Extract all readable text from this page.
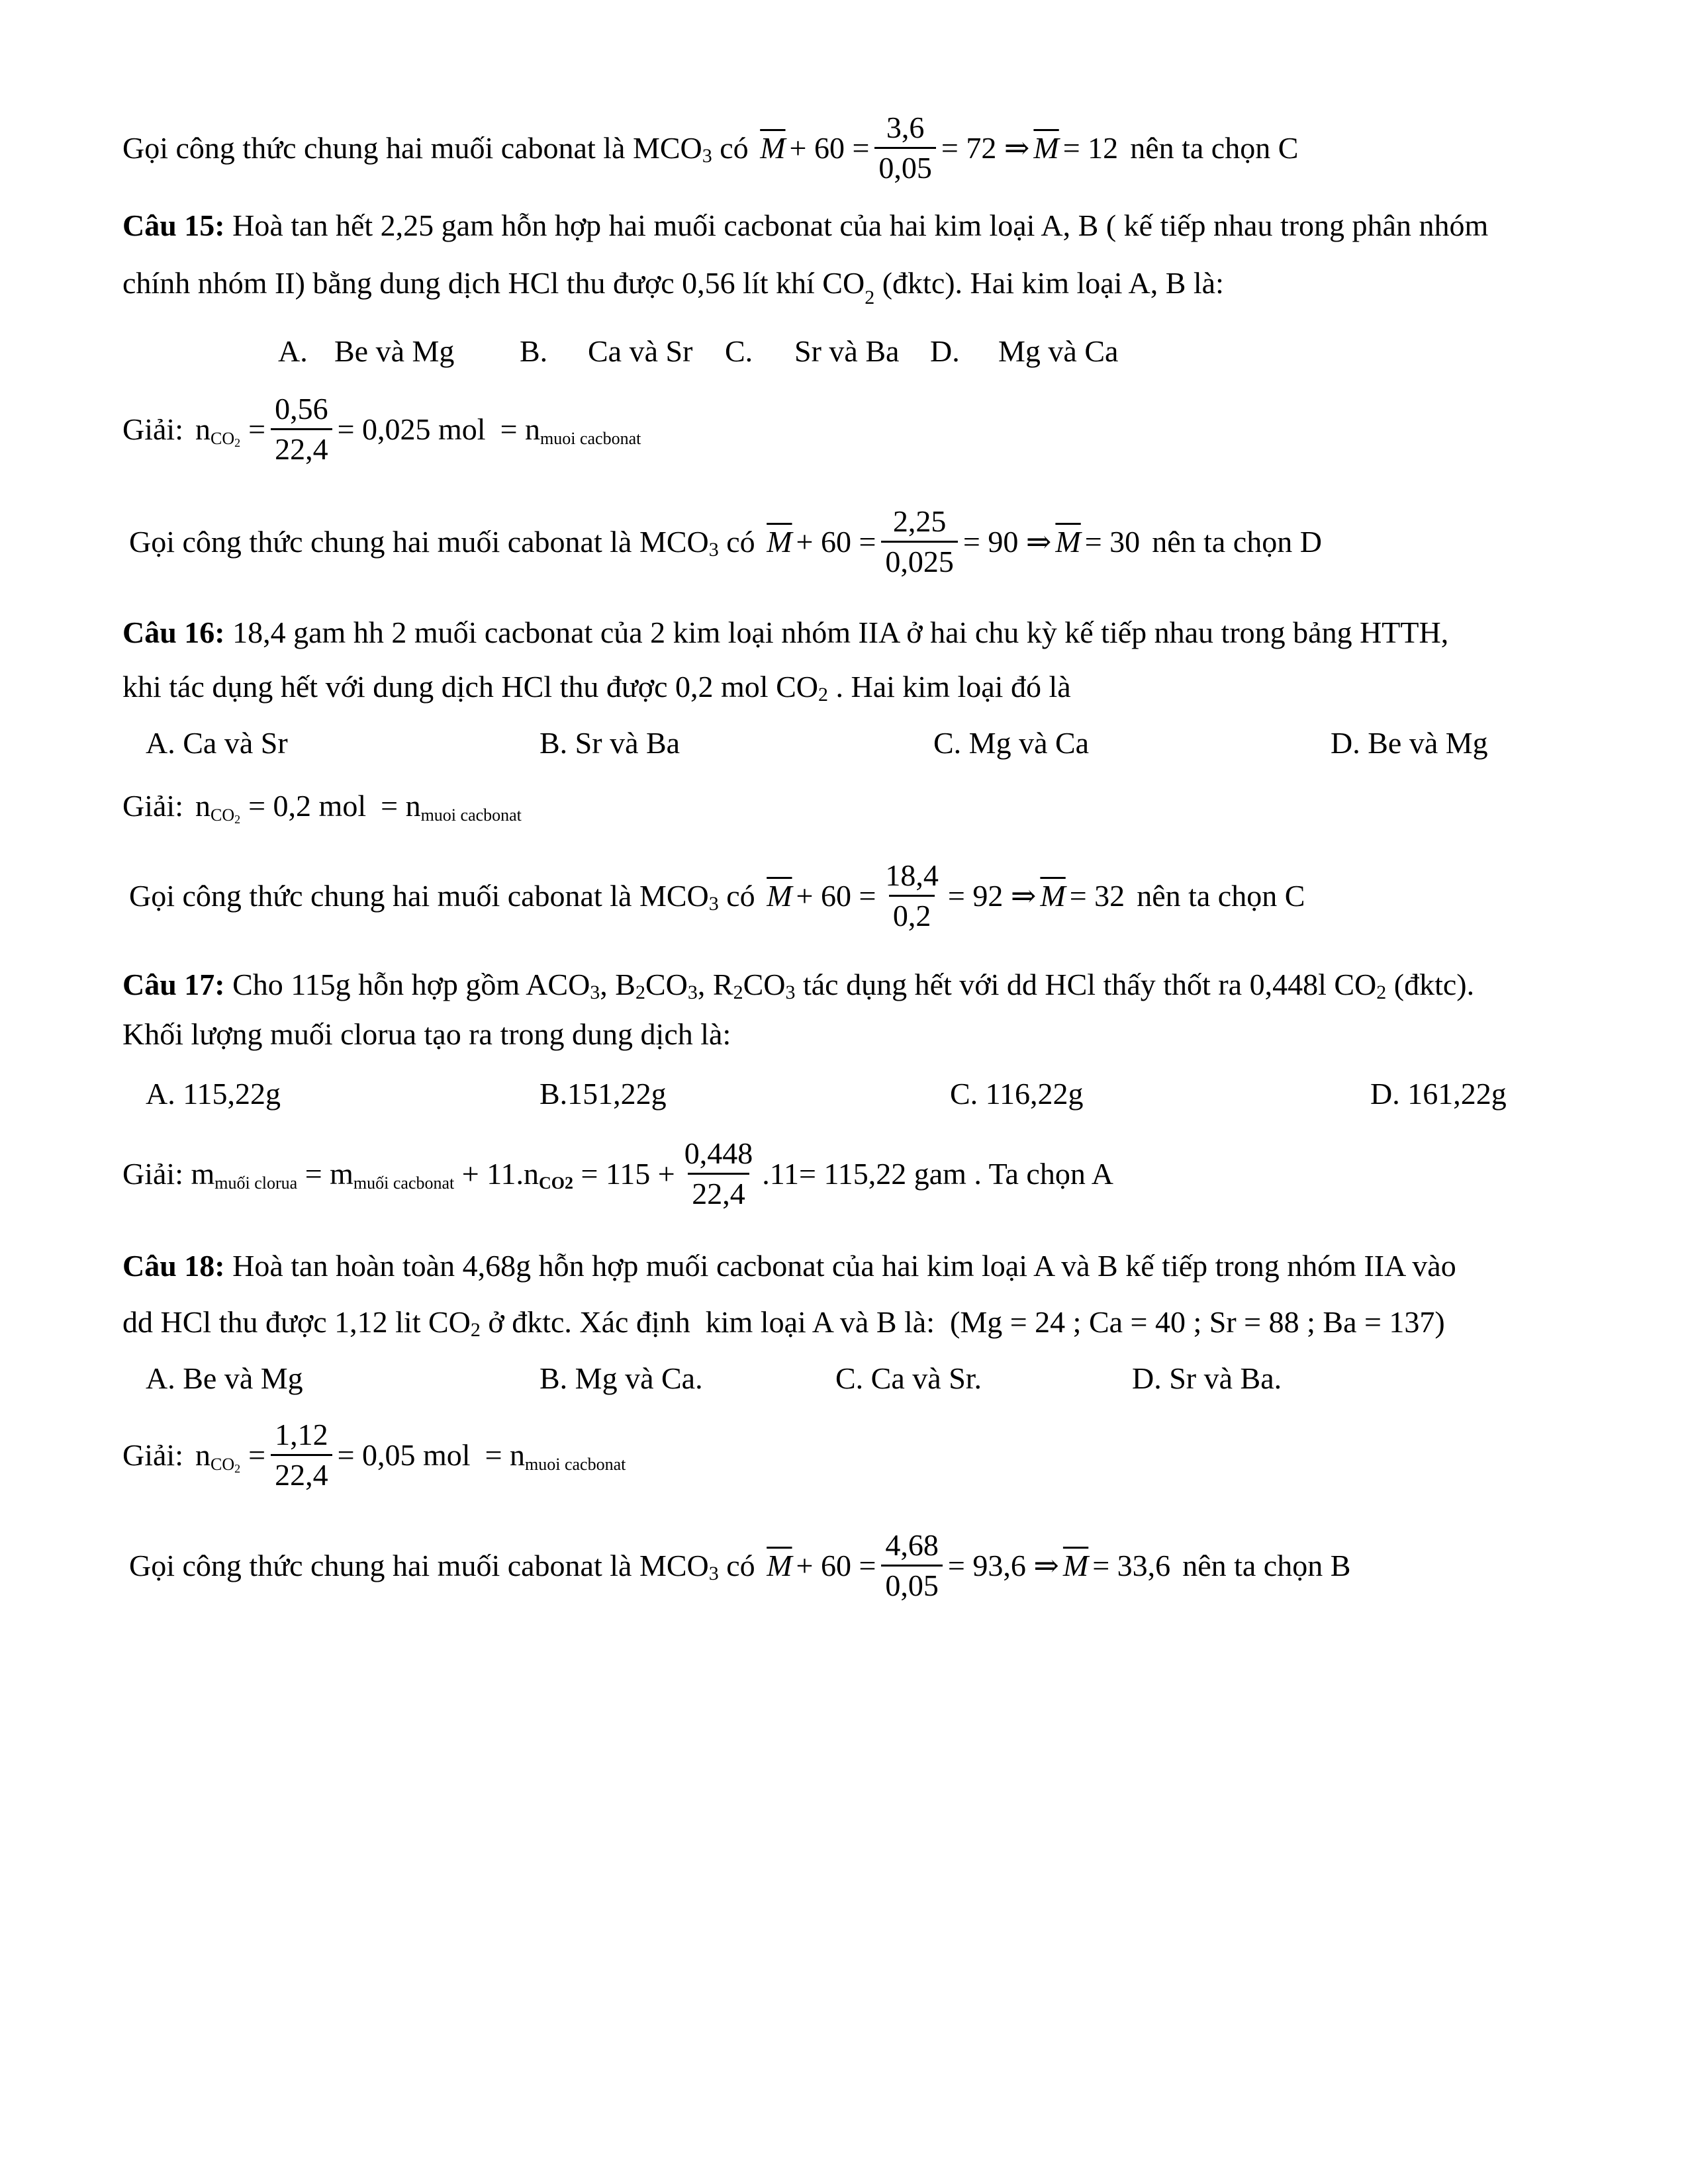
Gọi công thức chung hai muối cabonat là $MCO_3$ có $\overline{M} + 60 = \frac{3,6}{0,05} = 72$ ⇒ $\overline{M} = 12$ nên ta chọn C
Câu 15: Hoà tan hết 2,25 gam hỗn hợp hai muối cacbonat của hai kim loại A, B ( kế tiếp nhau trong phân nhóm
chính nhóm II) bằng dung dịch HCl thu được 0,56 lít khí $CO_2$ (đktc). Hai kim loại A, B là:
A. Be và Mg B. Ca và Sr C. Sr và Ba D. Mg và Ca
Giải: $n_{CO2} = \frac{0,56}{22,4} = 0,025$ mol = $n_{muoi cacbonat}$
Gọi công thức chung hai muối cabonat là $MCO_3$ có $\overline{M} + 60 = \frac{2,25}{0,025} = 90$ ⇒ $\overline{M} = 30$ nên ta chọn D
Câu 16: 18,4 gam hh 2 muối cacbonat của 2 kim loại nhóm IIA ở hai chu kỳ kế tiếp nhau trong bảng HTTH,
khi tác dụng hết với dung dịch HCl thu được 0,2 mol $CO_2$ . Hai kim loại đó là
A. Ca và Sr	B. Sr và Ba	C. Mg và Ca	D. Be và Mg
Giải: $n_{CO2} = 0,2$ mol = $n_{muoi cacbonat}$
Gọi công thức chung hai muối cabonat là $MCO_3$ có $\overline{M} + 60 = \frac{18,4}{0,2} = 92$ ⇒ $\overline{M} = 32$ nên ta chọn C
Câu 17: Cho 115g hỗn hợp gồm $ACO_3$ , $B_2$ $CO_3$ , $R_2$ $CO_3$ tác dụng hết với dd HCl thấy thốt ra 0,448l $CO_2$ (đktc).
Khối lượng muối clorua tạo ra trong dung dịch là:
A. 115,22g	B.151,22g	C. 116,22g	D. 161,22g
Giải: $m_{muối clorua} = m_{muối cacbonat} + 11.n_{CO2} = 115 + \frac{0,448}{22,4} .11= 115,22$ gam . Ta chọn A
Câu 18: Hoà tan hoàn toàn 4,68g hỗn hợp muối cacbonat của hai kim loại A và B kế tiếp trong nhóm IIA vào
dd HCl thu được 1,12 lit $CO_2$ ở đktc. Xác định  kim loại A và B là:  (Mg = 24 ; Ca = 40 ; Sr = 88 ; Ba = 137)
A. Be và Mg	B. Mg và Ca.	C. Ca và Sr.	D. Sr và Ba.
Giải: $n_{CO2} = \frac{1,12}{22,4} = 0,05$ mol = $n_{muoi cacbonat}$
Gọi công thức chung hai muối cabonat là $MCO_3$ có $\overline{M} + 60 = \frac{4,68}{0,05} = 93,6$ ⇒ $\overline{M} = 33,6$ nên ta chọn B
